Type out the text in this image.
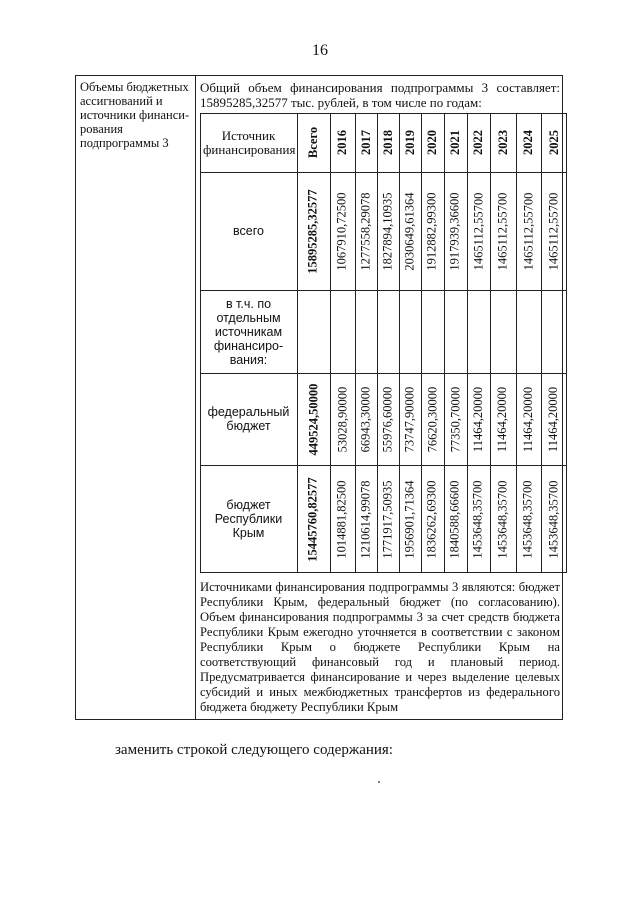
16
Объемы бюджетных ассигнований и источники финанси-рования подпрограммы 3
Общий объем финансирования подпрограммы 3 составляет:
15895285,32577 тыс. рублей, в том числе по годам:
Источник финансирования Всего 2016 2017 2018 2019 2020 2021 2022 2023 2024 2025
всего	15895285,32577 1067910,72500 1277558,29078 1827894,10935 2030649,61364 1912882,99300 1917939,36600 1465112,55700 1465112,55700 1465112,55700 1465112,55700
в т.ч. по отдельным источникам финансиро-вания:
федеральный бюджет	449524,50000 53028,90000 66943,30000 55976,60000 73747,90000 76620,30000 77350,70000 11464,20000 11464,20000 11464,20000 11464,20000
бюджет Республики Крым	15445760,82577 1014881,82500 1210614,99078 1771917,50935 1956901,71364 1836262,69300 1840588,66600 1453648,35700 1453648,35700 1453648,35700 1453648,35700
Источниками финансирования подпрограммы 3 являются: бюджет Республики Крым, федеральный бюджет (по согласованию). Объем финансирования подпрограммы 3 за счет средств бюджета Республики Крым ежегодно уточняется в соответствии с законом Республики Крым о бюджете Республики Крым на соответствующий финансовый год и плановый период. Предусматривается финансирование и через выделение целевых субсидий и иных межбюджетных трансфертов из федерального бюджета бюджету Республики Крым
заменить строкой следующего содержания:
